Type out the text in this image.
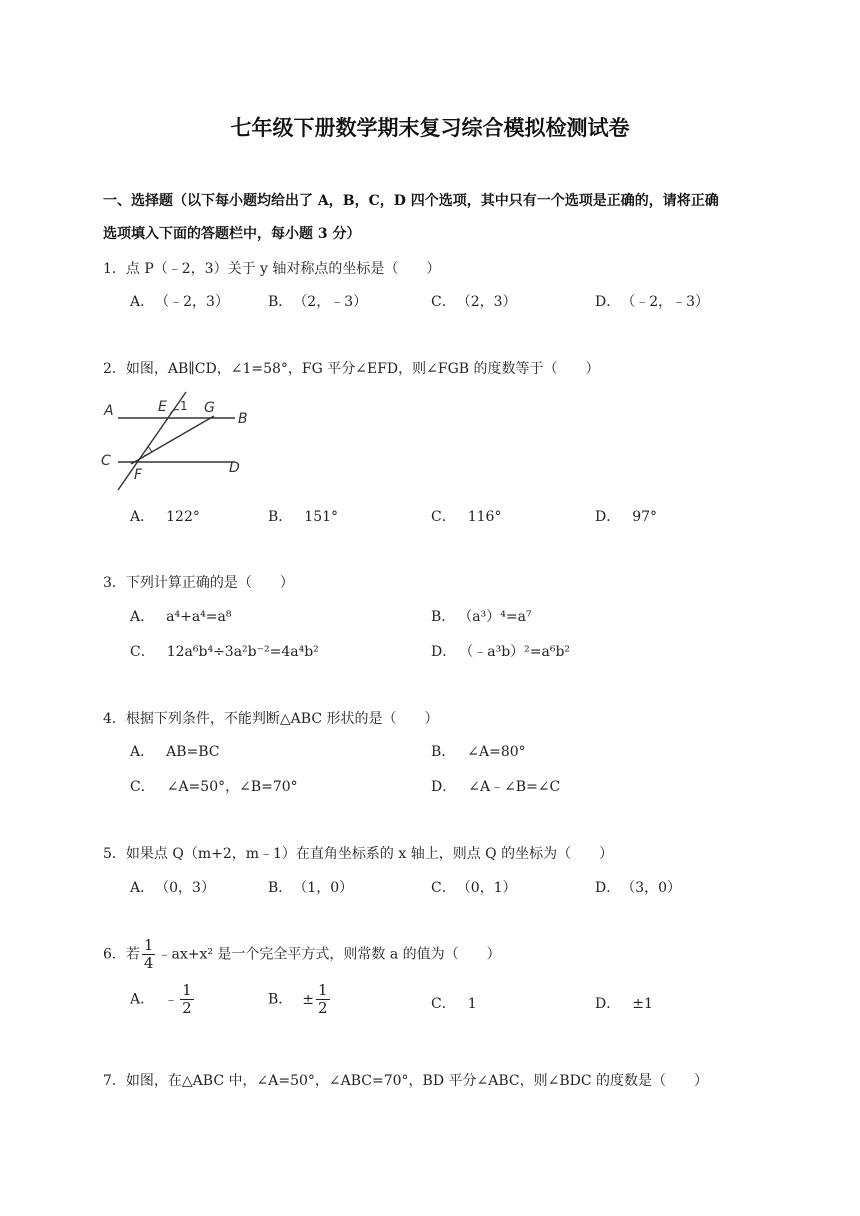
七年级下册数学期末复习综合模拟检测试卷
一、选择题（以下每小题均给出了 A，B，C，D 四个选项，其中只有一个选项是正确的，请将正确
选项填入下面的答题栏中，每小题 3 分）
1．点 P（﹣2，3）关于 y 轴对称点的坐标是（　　）
A． （﹣2，3）	B． （2，﹣3）	C． （2，3）	D． （﹣2，﹣3）
2．如图，AB∥CD，∠1=58°，FG 平分∠EFD，则∠FGB 的度数等于（　　）
A	E 1 G
B
C
F	D
A． 122°	B． 151°	C． 116°	D． 97°
3．下列计算正确的是（　　）
A． a⁴+a⁴=a⁸	B． （a³）⁴=a⁷
C． 12a⁶b⁴÷3a²b⁻²=4a⁴b²	D． （﹣a³b）²=a⁶b²
4．根据下列条件，不能判断△ABC 形状的是（　　）
A． AB=BC	B． ∠A=80°
C． ∠A=50°，∠B=70°	D． ∠A﹣∠B=∠C
5．如果点 Q（m+2，m﹣1）在直角坐标系的 x 轴上，则点 Q 的坐标为（　　）
A． （0，3）	B． （1，0）	C． （0，1）	D． （3，0）
6．若 $\frac{1}{4}$ ﹣ax+x² 是一个完全平方式，则常数 a 的值为（　　）
A． ﹣ $\frac{1}{2}$	B． ± $\frac{1}{2}$	C． 1	D． ±1
7．如图，在△ABC 中，∠A=50°，∠ABC=70°，BD 平分∠ABC，则∠BDC 的度数是（　　）
